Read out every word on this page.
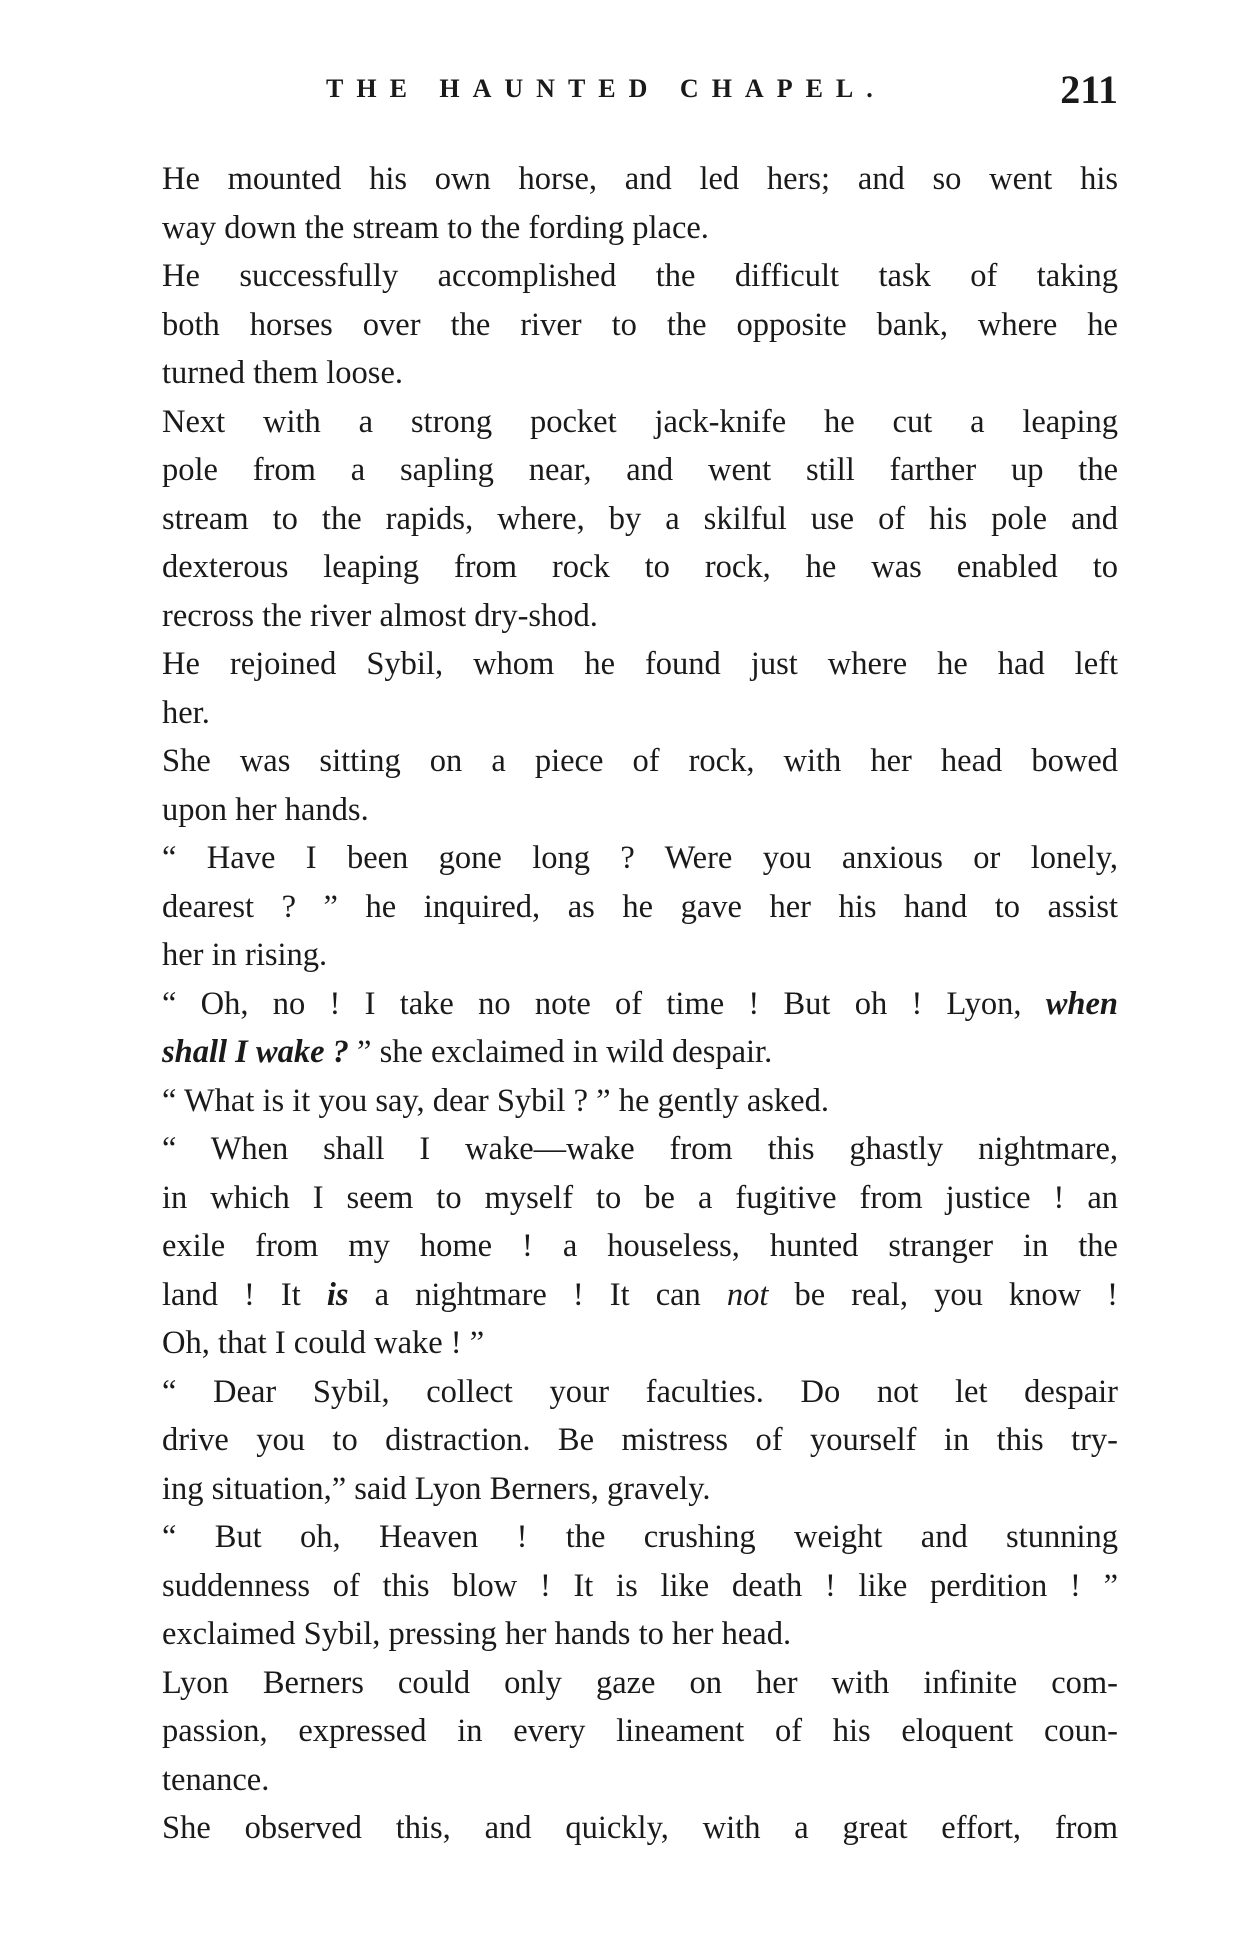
THE HAUNTED CHAPEL.	211

He mounted his own horse, and led hers; and so went his
way down the stream to the fording place.

He successfully accomplished the difficult task of taking
both horses over the river to the opposite bank, where he
turned them loose.

Next with a strong pocket jack-knife he cut a leaping
pole from a sapling near, and went still farther up the
stream to the rapids, where, by a skilful use of his pole and
dexterous leaping from rock to rock, he was enabled to
recross the river almost dry-shod.

He rejoined Sybil, whom he found just where he had left
her.

She was sitting on a piece of rock, with her head bowed
upon her hands.

“ Have I been gone long ? Were you anxious or lonely,
dearest ? ” he inquired, as he gave her his hand to assist
her in rising.

“ Oh, no ! I take no note of time ! But oh ! Lyon, when
shall I wake ? ” she exclaimed in wild despair.

“ What is it you say, dear Sybil ? ” he gently asked.

“ When shall I wake—wake from this ghastly nightmare,
in which I seem to myself to be a fugitive from justice ! an
exile from my home ! a houseless, hunted stranger in the
land ! It is a nightmare ! It can not be real, you know !
Oh, that I could wake ! ”

“ Dear Sybil, collect your faculties. Do not let despair
drive you to distraction. Be mistress of yourself in this try-
ing situation,” said Lyon Berners, gravely.

“ But oh, Heaven ! the crushing weight and stunning
suddenness of this blow ! It is like death ! like perdition ! ”
exclaimed Sybil, pressing her hands to her head.

Lyon Berners could only gaze on her with infinite com-
passion, expressed in every lineament of his eloquent coun-
tenance.

She observed this, and quickly, with a great effort, from
